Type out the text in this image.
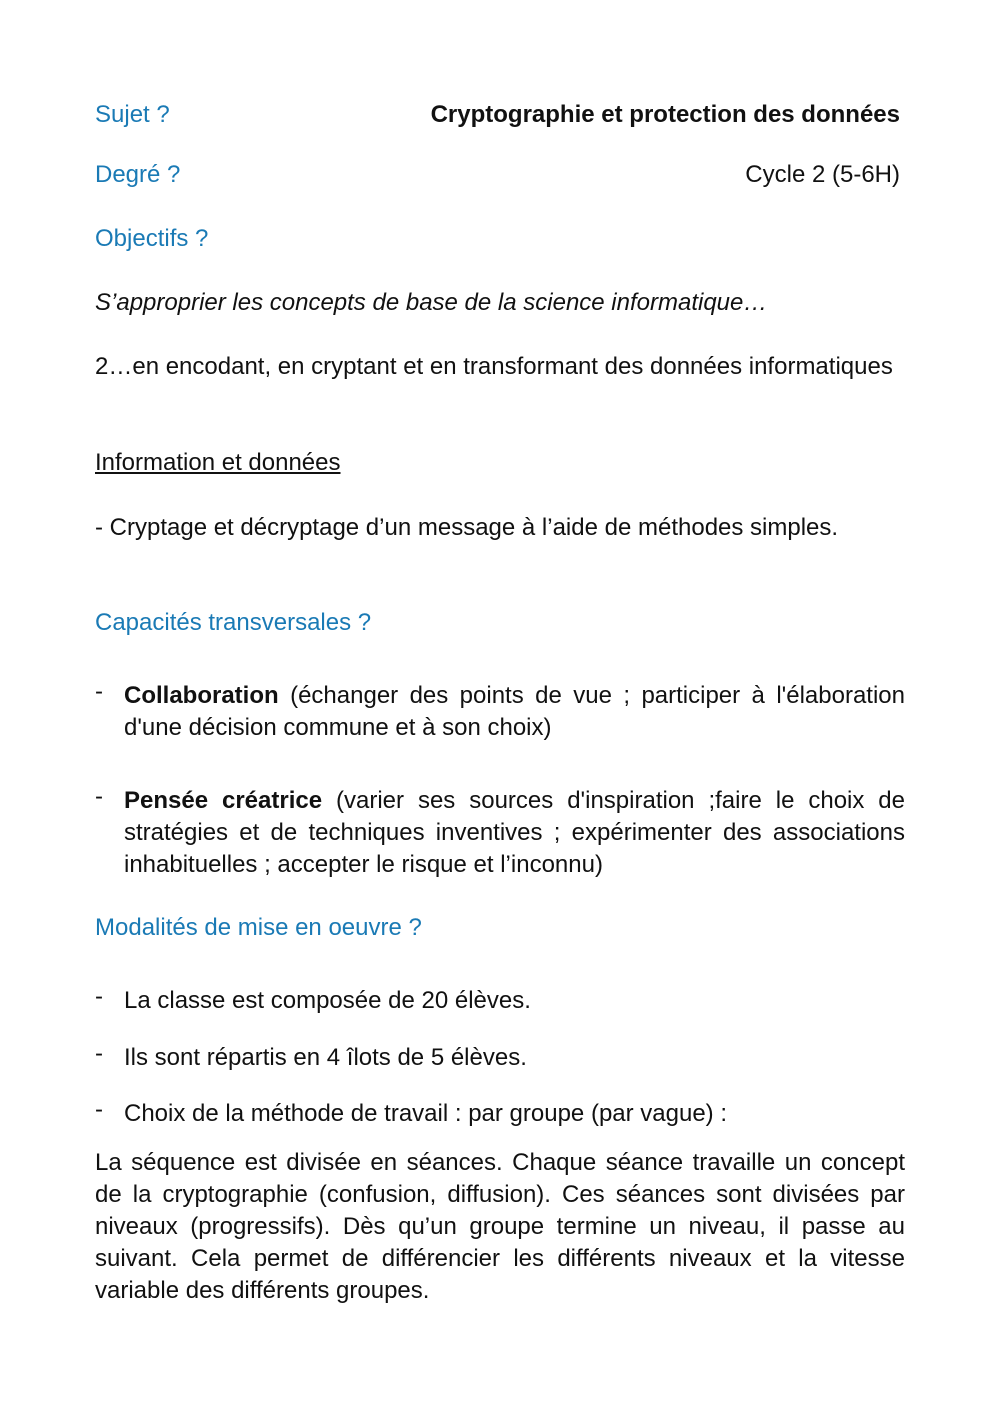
Sujet ?	Cryptographie et protection des données
Degré ?	Cycle 2 (5-6H)
Objectifs ?
S’approprier les concepts de base de la science informatique…
2…en encodant, en cryptant et en transformant des données informatiques
Information et données
- Cryptage et décryptage d’un message à l’aide de méthodes simples.
Capacités transversales ?
- Collaboration (échanger des points de vue ; participer à l'élaboration d'une décision commune et à son choix)
- Pensée créatrice (varier ses sources d'inspiration ;faire le choix de stratégies et de techniques inventives ; expérimenter des associations inhabituelles ; accepter le risque et l’inconnu)
Modalités de mise en oeuvre ?
- La classe est composée de 20 élèves.
- Ils sont répartis en 4 îlots de 5 élèves.
- Choix de la méthode de travail : par groupe (par vague) :
La séquence est divisée en séances. Chaque séance travaille un concept de la cryptographie (confusion, diffusion). Ces séances sont divisées par niveaux (progressifs). Dès qu’un groupe termine un niveau, il passe au suivant. Cela permet de différencier les différents niveaux et la vitesse variable des différents groupes.
